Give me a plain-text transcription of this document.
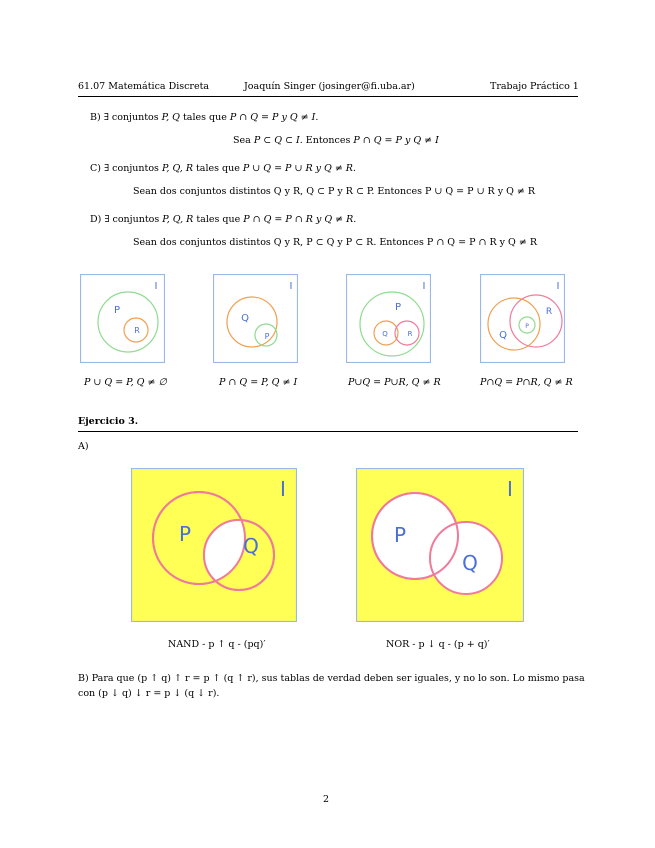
61.07 Matemática Discreta	Joaquín Singer (josinger@fi.uba.ar)	Trabajo Práctico 1
B) ∃ conjuntos P, Q tales que P ∩ Q = P y Q ≠ I.
Sea P ⊂ Q ⊂ I. Entonces P ∩ Q = P y Q ≠ I
C) ∃ conjuntos P, Q, R tales que P ∪ Q = P ∪ R y Q ≠ R.
Sean dos conjuntos distintos Q y R, Q ⊂ P y R ⊂ P. Entonces P ∪ Q = P ∪ R y Q ≠ R
D) ∃ conjuntos P, Q, R tales que P ∩ Q = P ∩ R y Q ≠ R.
Sean dos conjuntos distintos Q y R, P ⊂ Q y P ⊂ R. Entonces P ∩ Q = P ∩ R y Q ≠ R
I
P
R
I
Q
P
I
P
Q	R
I
Q
R
P
P ∪ Q = P, Q ≠ ∅	P ∩ Q = P, Q ≠ I	P∪Q = P∪R, Q ≠ R	P∩Q = P∩R, Q ≠ R
Ejercicio 3.
A)
I
P	Q
I
P
Q
NAND - p ↑ q - (pq)′	NOR - p ↓ q - (p + q)′
B) Para que (p ↑ q) ↑ r = p ↑ (q ↑ r), sus tablas de verdad deben ser iguales, y no lo son. Lo mismo pasa
con (p ↓ q) ↓ r = p ↓ (q ↓ r).
2
